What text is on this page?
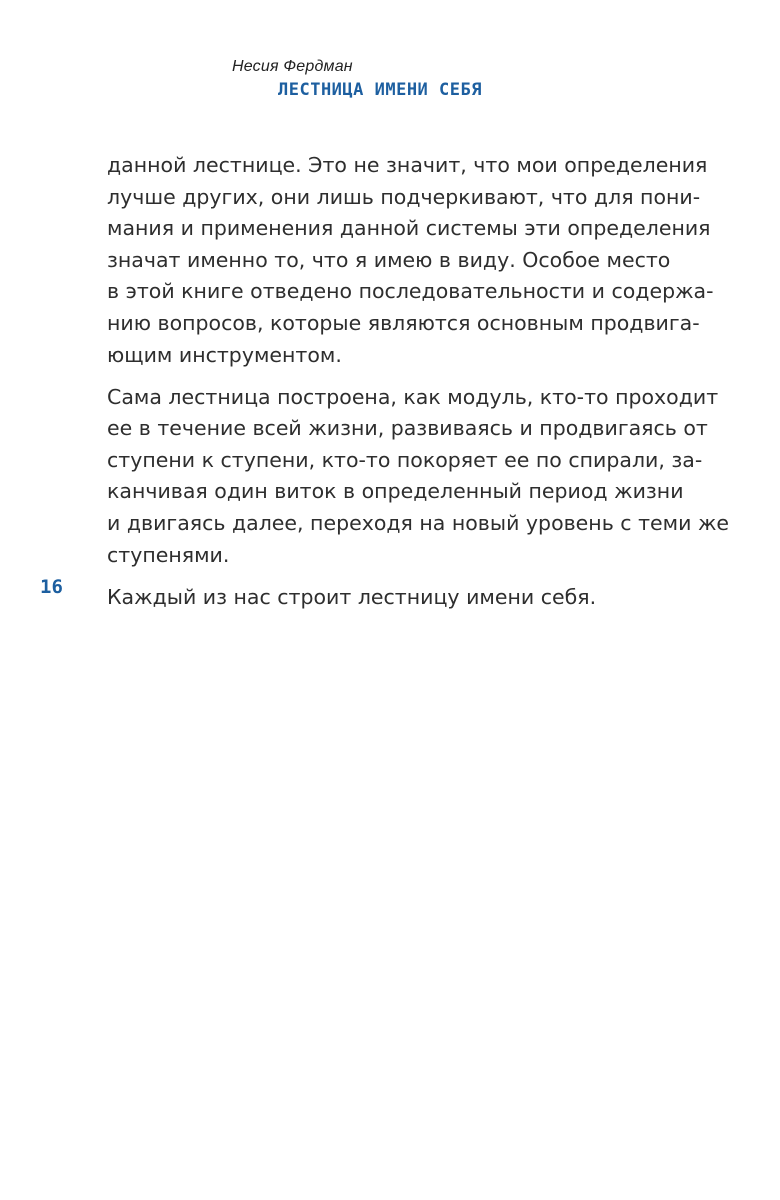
Несия Фердман
ЛЕСТНИЦА ИМЕНИ СЕБЯ
16
данной лестнице. Это не значит, что мои определения
лучше других, они лишь подчеркивают, что для пони-
мания и применения данной системы эти определения
значат именно то, что я имею в виду. Особое место
в этой книге отведено последовательности и содержа-
нию вопросов, которые являются основным продвига-
ющим инструментом.
Сама лестница построена, как модуль, кто-то проходит
ее в течение всей жизни, развиваясь и продвигаясь от
ступени к ступени, кто-то покоряет ее по спирали, за-
канчивая один виток в определенный период жизни
и двигаясь далее, переходя на новый уровень с теми же
ступенями.
Каждый из нас строит лестницу имени себя.
